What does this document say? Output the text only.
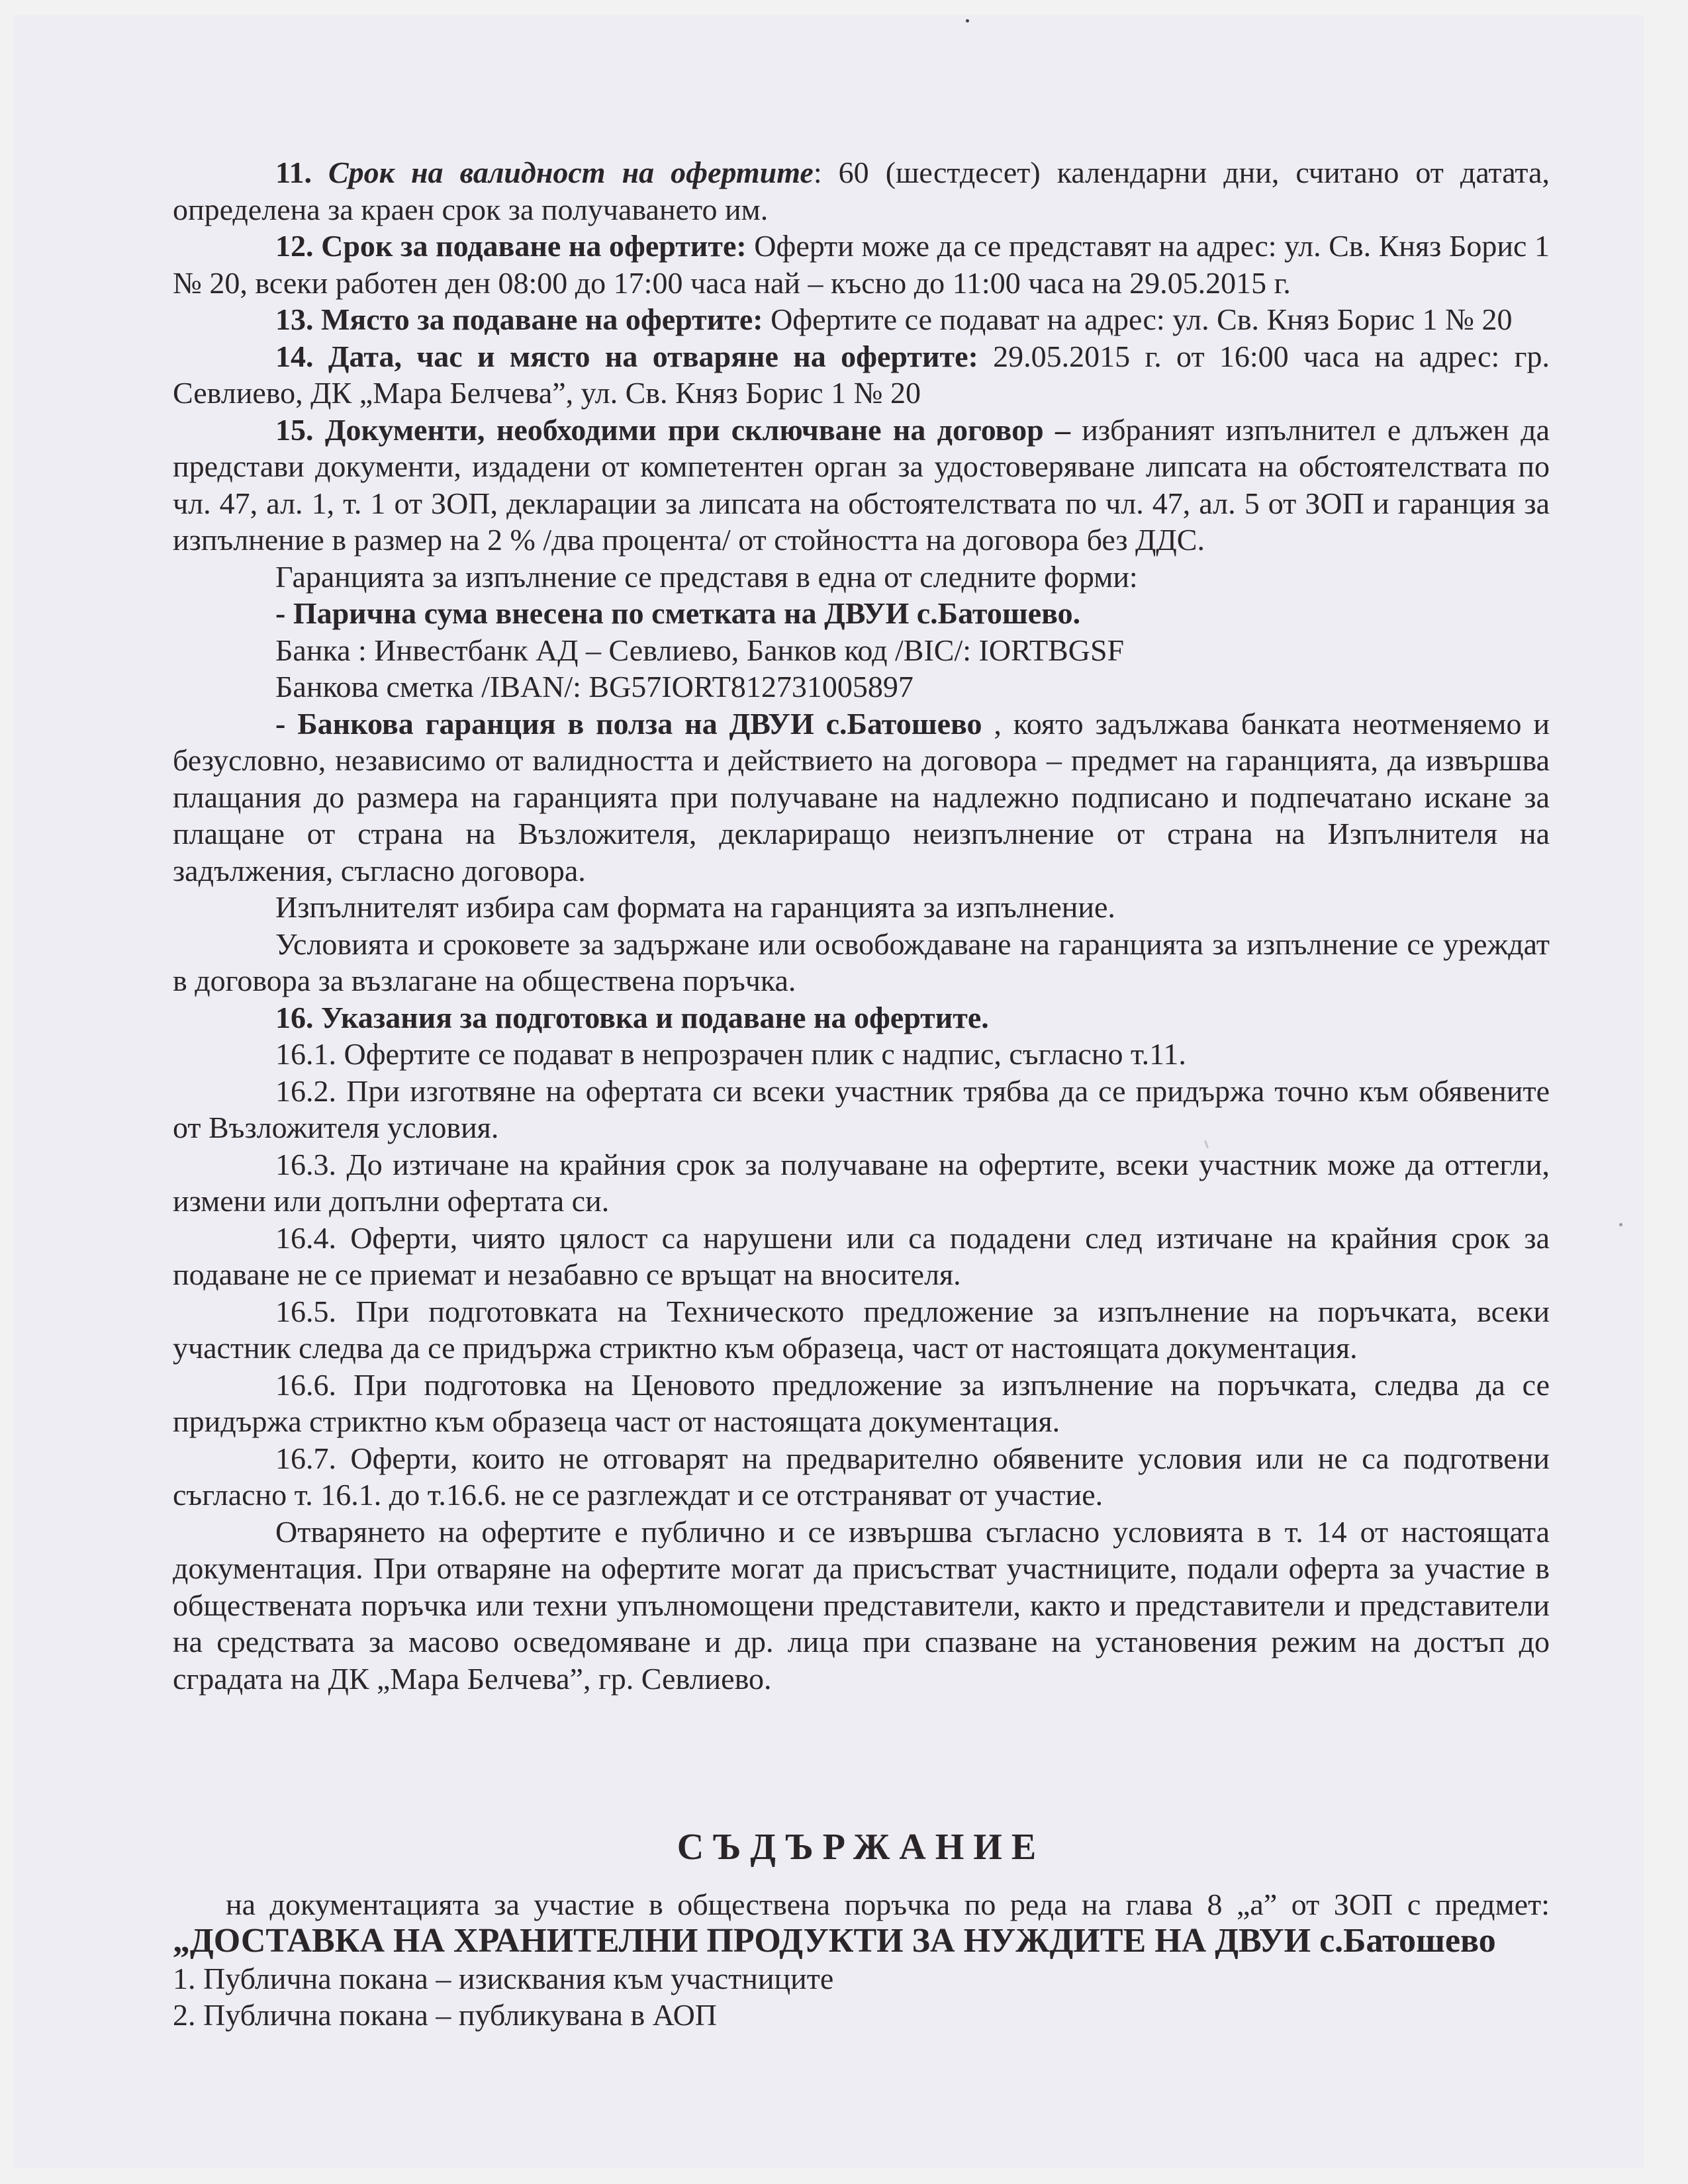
11. Срок на валидност на офертите: 60 (шестдесет) календарни дни, считано от датата, определена за краен срок за получаването им.

12. Срок за подаване на офертите: Оферти може да се представят на адрес: ул. Св. Княз Борис 1 № 20, всеки работен ден 08:00 до 17:00 часа най – късно до 11:00 часа на 29.05.2015 г.

13. Място за подаване на офертите: Офертите се подават на адрес: ул. Св. Княз Борис 1 № 20

14. Дата, час и място на отваряне на офертите: 29.05.2015 г. от 16:00 часа на адрес: гр. Севлиево, ДК „Мара Белчева”, ул. Св. Княз Борис 1 № 20

15. Документи, необходими при сключване на договор – избраният изпълнител е длъжен да представи документи, издадени от компетентен орган за удостоверяване липсата на обстоятелствата по чл. 47, ал. 1, т. 1 от ЗОП, декларации за липсата на обстоятелствата по чл. 47, ал. 5 от ЗОП и гаранция за изпълнение в размер на 2 % /два процента/ от стойността на договора без ДДС.

Гаранцията за изпълнение се представя в една от следните форми:

- Парична сума внесена по сметката на ДВУИ с.Батошево.

Банка : Инвестбанк АД – Севлиево, Банков код /BIC/: IORTBGSF

Банкова сметка /IBAN/: BG57IORT812731005897

- Банкова гаранция в полза на ДВУИ с.Батошево , която задължава банката неотменяемо и безусловно, независимо от валидността и действието на договора – предмет на гаранцията, да извършва плащания до размера на гаранцията при получаване на надлежно подписано и подпечатано искане за плащане от страна на Възложителя, деклариращо неизпълнение от страна на Изпълнителя на задължения, съгласно договора.

Изпълнителят избира сам формата на гаранцията за изпълнение.

Условията и сроковете за задържане или освобождаване на гаранцията за изпълнение се уреждат в договора за възлагане на обществена поръчка.

16. Указания за подготовка и подаване на офертите.

16.1. Офертите се подават в непрозрачен плик с надпис, съгласно т.11.

16.2. При изготвяне на офертата си всеки участник трябва да се придържа точно към обявените от Възложителя условия.

16.3. До изтичане на крайния срок за получаване на офертите, всеки участник може да оттегли, измени или допълни офертата си.

16.4. Оферти, чиято цялост са нарушени или са подадени след изтичане на крайния срок за подаване не се приемат и незабавно се връщат на вносителя.

16.5. При подготовката на Техническото предложение за изпълнение на поръчката, всеки участник следва да се придържа стриктно към образеца, част от настоящата документация.

16.6. При подготовка на Ценовото предложение за изпълнение на поръчката, следва да се придържа стриктно към образеца част от настоящата документация.

16.7. Оферти, които не отговарят на предварително обявените условия или не са подготвени съгласно т. 16.1. до т.16.6. не се разглеждат и се отстраняват от участие.

Отварянето на офертите е публично и се извършва съгласно условията в т. 14 от настоящата документация. При отваряне на офертите могат да присъстват участниците, подали оферта за участие в обществената поръчка или техни упълномощени представители, както и представители и представители на средствата за масово осведомяване и др. лица при спазване на установения режим на достъп до сградата на ДК „Мара Белчева”, гр. Севлиево.

СЪДЪРЖАНИЕ

на документацията за участие в обществена поръчка по реда на глава 8 „а” от ЗОП с предмет: „ДОСТАВКА НА ХРАНИТЕЛНИ ПРОДУКТИ ЗА НУЖДИТЕ НА ДВУИ с.Батошево

1. Публична покана – изисквания към участниците

2. Публична покана – публикувана в АОП
